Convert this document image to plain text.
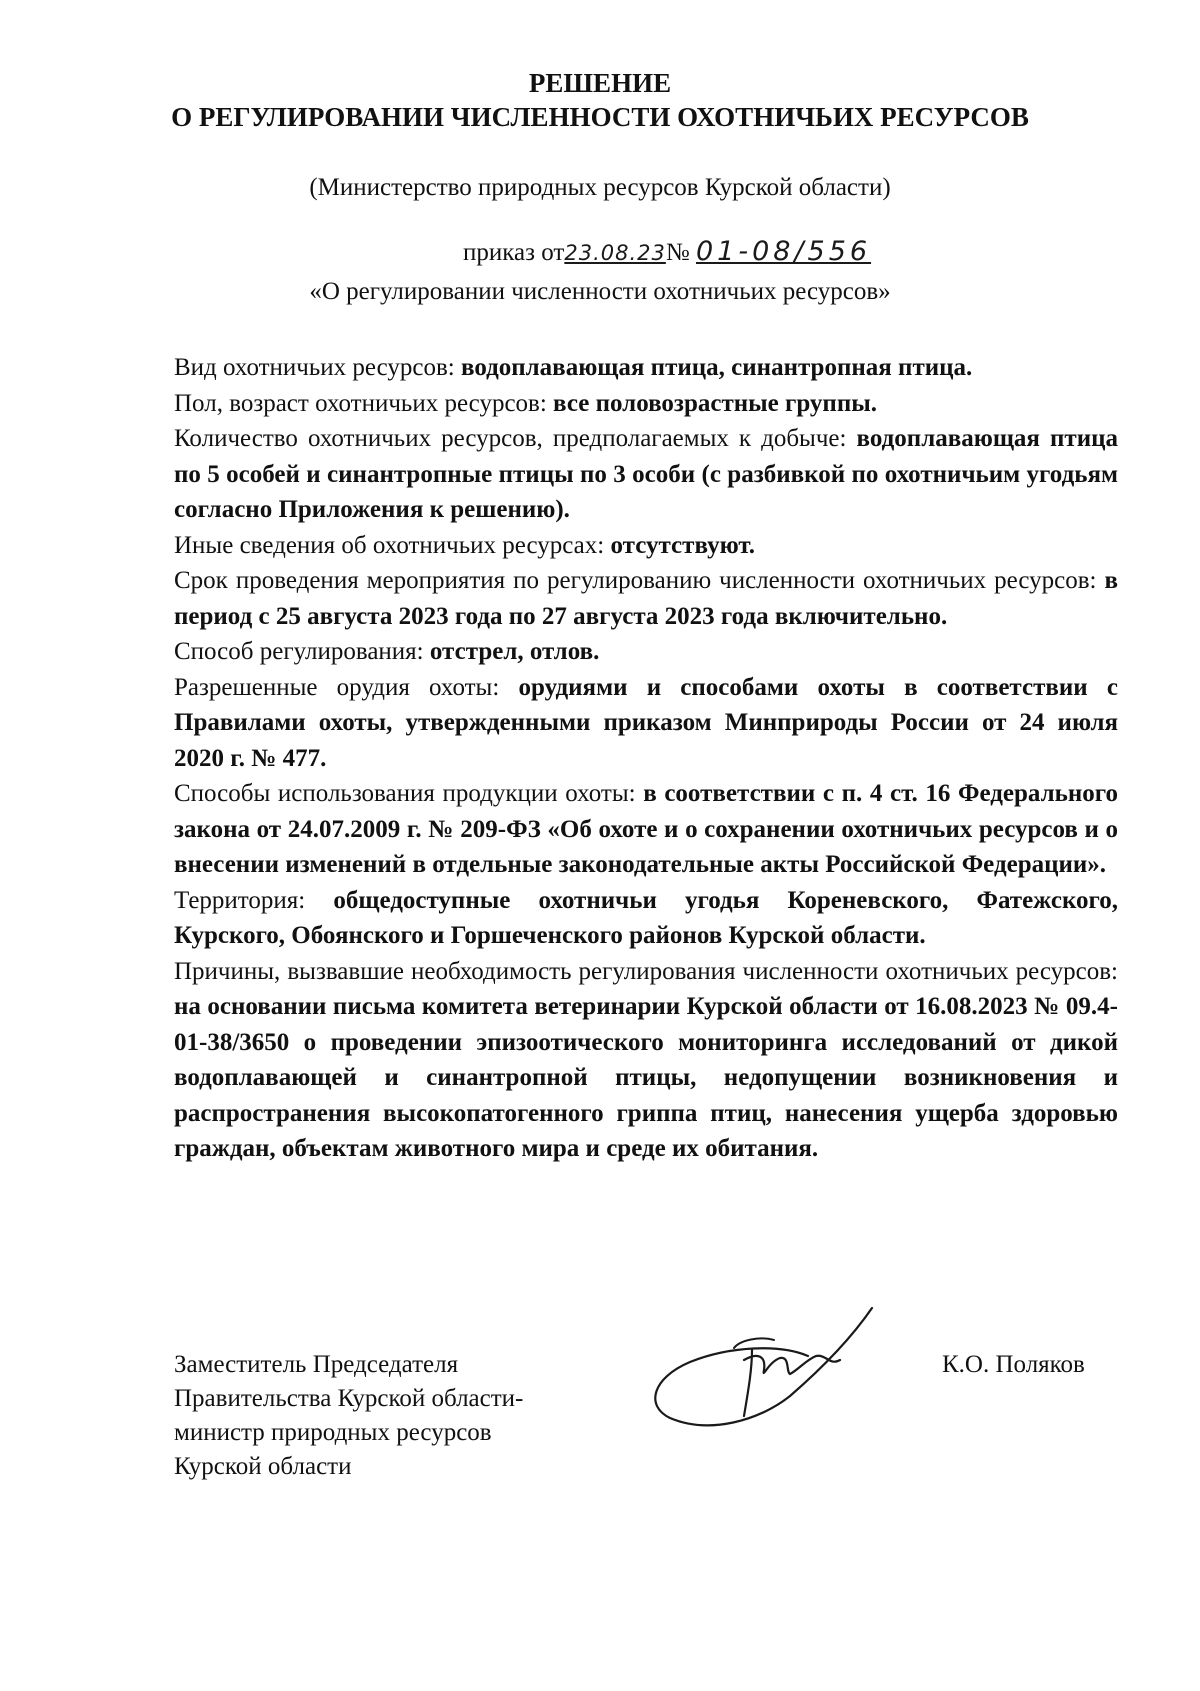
РЕШЕНИЕ
О РЕГУЛИРОВАНИИ ЧИСЛЕННОСТИ ОХОТНИЧЬИХ РЕСУРСОВ
(Министерство природных ресурсов Курской области)
приказ от23.08.23№ 01-08/556
«О регулировании численности охотничьих ресурсов»

Вид охотничьих ресурсов: водоплавающая птица, синантропная птица.

Пол, возраст охотничьих ресурсов: все половозрастные группы.

Количество охотничьих ресурсов, предполагаемых к добыче: водоплавающая птица по 5 особей и синантропные птицы по 3 особи (с разбивкой по охотничьим угодьям согласно Приложения к решению).

Иные сведения об охотничьих ресурсах: отсутствуют.

Срок проведения мероприятия по регулированию численности охотничьих ресурсов: в период с 25 августа 2023 года по 27 августа 2023 года включительно.

Способ регулирования: отстрел, отлов.

Разрешенные орудия охоты: орудиями и способами охоты в соответствии с Правилами охоты, утвержденными приказом Минприроды России от 24 июля 2020 г. № 477.

Способы использования продукции охоты: в соответствии с п. 4 ст. 16 Федерального закона от 24.07.2009 г. № 209-ФЗ «Об охоте и о сохранении охотничьих ресурсов и о внесении изменений в отдельные законодательные акты Российской Федерации».

Территория: общедоступные охотничьи угодья Кореневского, Фатежского, Курского, Обоянского и Горшеченского районов Курской области.

Причины, вызвавшие необходимость регулирования численности охотничьих ресурсов: на основании письма комитета ветеринарии Курской области от 16.08.2023 № 09.4-01-38/3650 о проведении эпизоотического мониторинга исследований от дикой водоплавающей и синантропной птицы, недопущении возникновения и распространения высокопатогенного гриппа птиц, нанесения ущерба здоровью граждан, объектам животного мира и среде их обитания.

Заместитель Председателя
Правительства Курской области-
министр природных ресурсов
Курской области
К.О. Поляков
